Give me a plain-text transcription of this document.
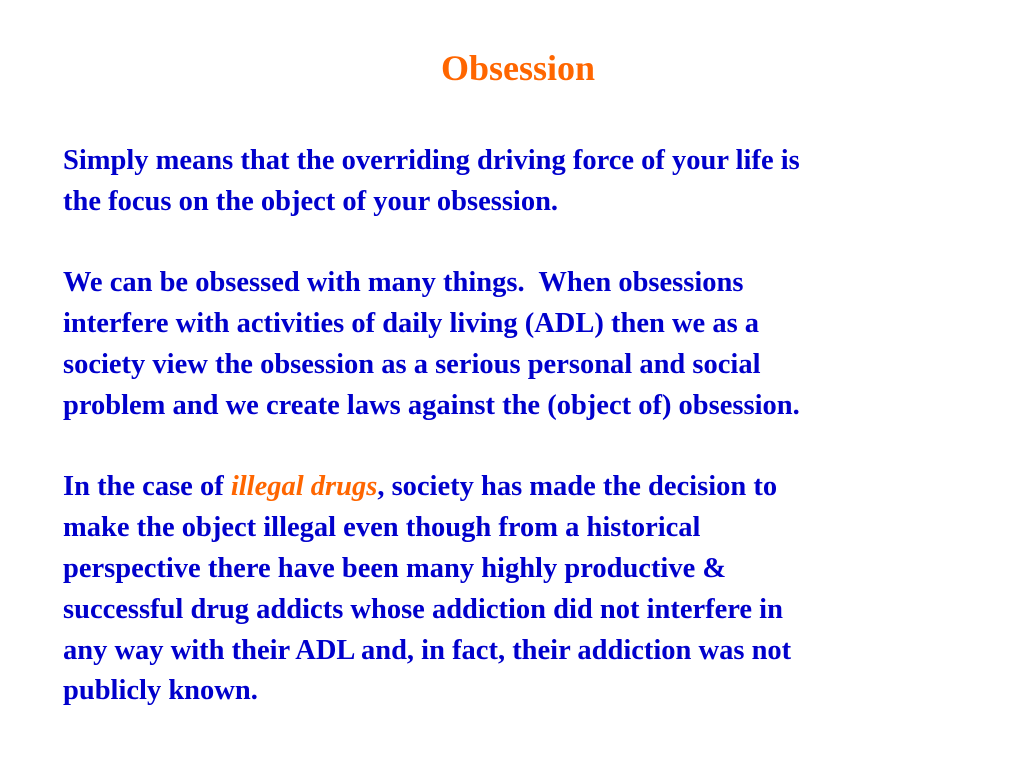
Obsession
Simply means that the overriding driving force of your life is
the focus on the object of your obsession.
We can be obsessed with many things.  When obsessions
interfere with activities of daily living (ADL) then we as a
society view the obsession as a serious personal and social
problem and we create laws against the (object of) obsession.
In the case of illegal drugs, society has made the decision to
make the object illegal even though from a historical
perspective there have been many highly productive &
successful drug addicts whose addiction did not interfere in
any way with their ADL and, in fact, their addiction was not
publicly known.
